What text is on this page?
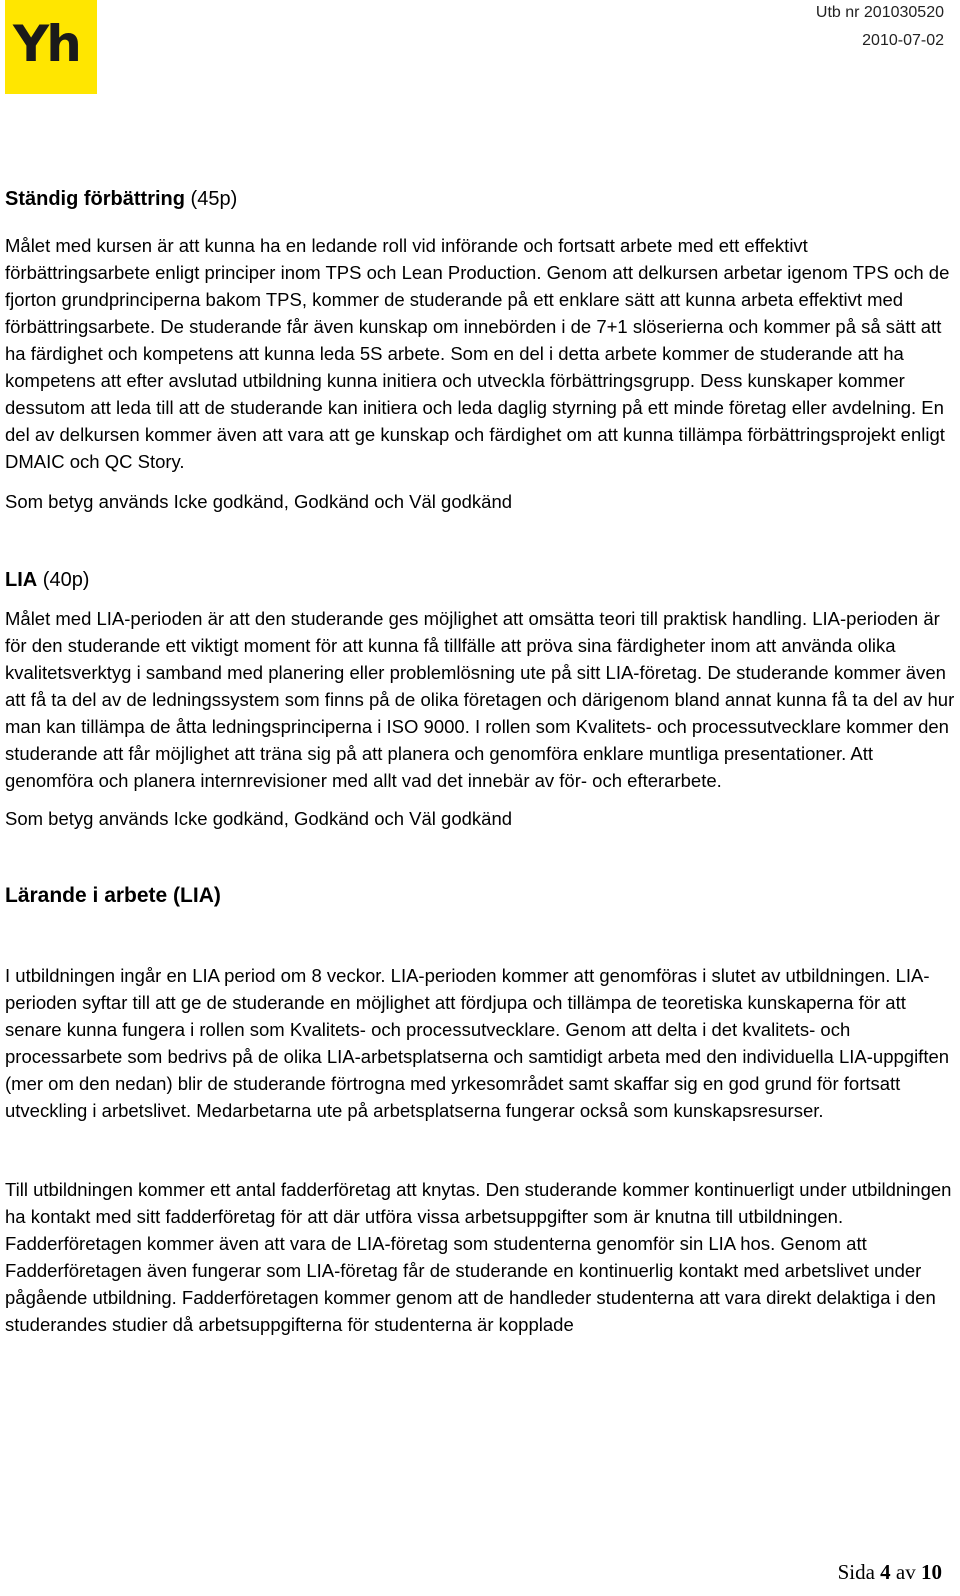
Yh
Utb nr 201030520
2010-07-02

Ständig förbättring (45p)

Målet med kursen är att kunna ha en ledande roll vid införande och fortsatt arbete med ett effektivt förbättringsarbete enligt principer inom TPS och Lean Production. Genom att delkursen arbetar igenom TPS och de fjorton grundprinciperna bakom TPS, kommer de studerande på ett enklare sätt att kunna arbeta effektivt med förbättringsarbete. De studerande får även kunskap om innebörden i de 7+1 slöserierna och kommer på så sätt att ha färdighet och kompetens att kunna leda 5S arbete. Som en del i detta arbete kommer de studerande att ha kompetens att efter avslutad utbildning kunna initiera och utveckla förbättringsgrupp. Dess kunskaper kommer dessutom att leda till att de studerande kan initiera och leda daglig styrning på ett minde företag eller avdelning. En del av delkursen kommer även att vara att ge kunskap och färdighet om att kunna tillämpa förbättringsprojekt enligt DMAIC och QC Story.

Som betyg används Icke godkänd, Godkänd och Väl godkänd

LIA (40p)

Målet med LIA-perioden är att den studerande ges möjlighet att omsätta teori till praktisk handling. LIA-perioden är för den studerande ett viktigt moment för att kunna få tillfälle att pröva sina färdigheter inom att använda olika kvalitetsverktyg i samband med planering eller problemlösning ute på sitt LIA-företag. De studerande kommer även att få ta del av de ledningssystem som finns på de olika företagen och därigenom bland annat kunna få ta del av hur man kan tillämpa de åtta ledningsprinciperna i ISO 9000. I rollen som Kvalitets- och processutvecklare kommer den studerande att får möjlighet att träna sig på att planera och genomföra enklare muntliga presentationer. Att genomföra och planera internrevisioner med allt vad det innebär av för- och efterarbete.

Som betyg används Icke godkänd, Godkänd och Väl godkänd

Lärande i arbete (LIA)

I utbildningen ingår en LIA period om 8 veckor. LIA-perioden kommer att genomföras i slutet av utbildningen. LIA-perioden syftar till att ge de studerande en möjlighet att fördjupa och tillämpa de teoretiska kunskaperna för att senare kunna fungera i rollen som Kvalitets- och processutvecklare. Genom att delta i det kvalitets- och processarbete som bedrivs på de olika LIA-arbetsplatserna och samtidigt arbeta med den individuella LIA-uppgiften (mer om den nedan) blir de studerande förtrogna med yrkesområdet samt skaffar sig en god grund för fortsatt utveckling i arbetslivet. Medarbetarna ute på arbetsplatserna fungerar också som kunskapsresurser.

Till utbildningen kommer ett antal fadderföretag att knytas. Den studerande kommer kontinuerligt under utbildningen ha kontakt med sitt fadderföretag för att där utföra vissa arbetsuppgifter som är knutna till utbildningen. Fadderföretagen kommer även att vara de LIA-företag som studenterna genomför sin LIA hos. Genom att Fadderföretagen även fungerar som LIA-företag får de studerande en kontinuerlig kontakt med arbetslivet under pågående utbildning. Fadderföretagen kommer genom att de handleder studenterna att vara direkt delaktiga i den studerandes studier då arbetsuppgifterna för studenterna är kopplade

Sida 4 av 10
